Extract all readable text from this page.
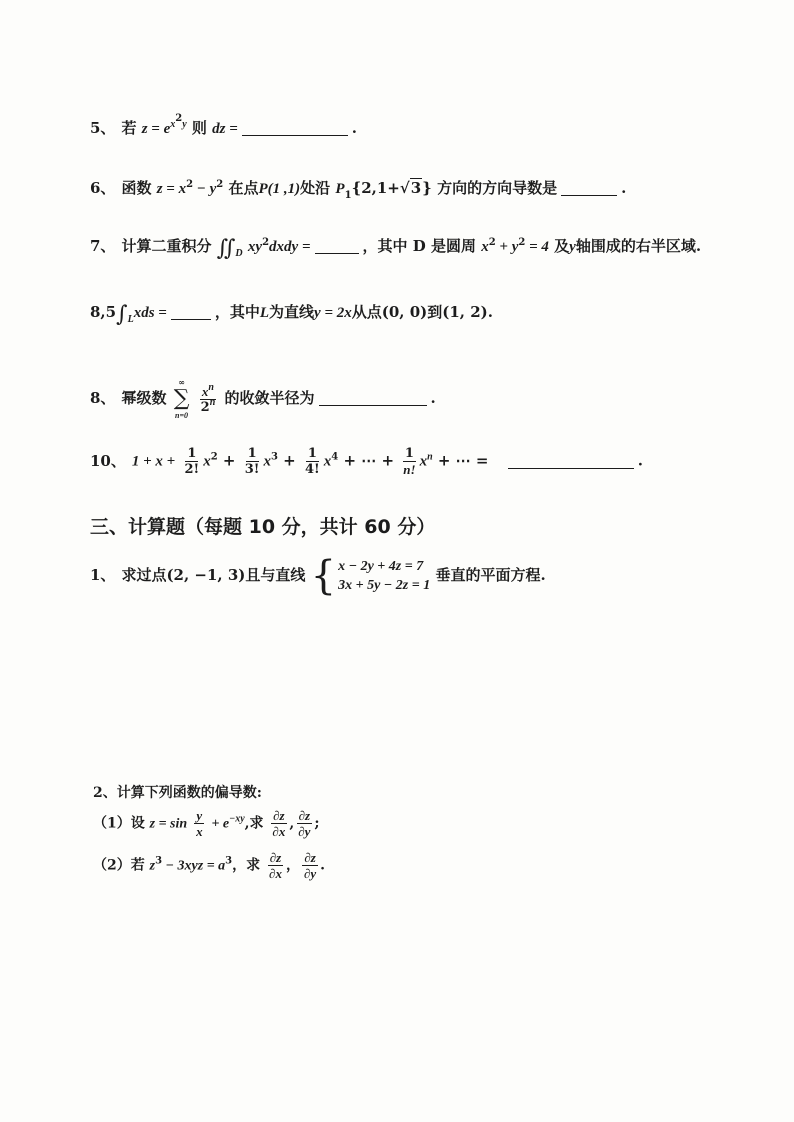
5、 若 $z = e^{x^2y}$ 则 dz =	.
6、 函数 $z = x^2 - y^2$ 在点P(1 ,1)处沿 $P_1\{2,1+√3\}$ 方向的方向导数是	.
7、 计算二重积分 $∬_D$ $xy^2dxdy$ =	，其中 D 是圆周 $x^2 + y^2 = 4$ 及y轴围成的右半区域.
$8,5\int_Lxds$ =	，其中L为直线y = 2x从点(0, 0)到(1, 2).
8、 幂级数
∞
∑
n=0

$\frac{x^n}{2^n}$ 的收敛半径为	.
10、 $1 + x + \frac{1}{2!} x^2 + \frac{1}{3!} x^3 + \frac{1}{4!} x^4$ + ⋯ + $\frac{1}{n!} x^n$ + ⋯ =	.
三、计算题（每题 10 分，共计 60 分）
1、 求过点(2, −1, 3)且与直线 { x − 2y + 4z = 7
3x + 5y − 2z = 1
垂直的平面方程.
2、计算下列函数的偏导数:
（1）设 $z = \sin \frac{y}{x} + e^{-xy}$,求 $\frac{\partial z}{\partial x}$ , $\frac{\partial z}{\partial y}$ ;
（2）若 $z^3 - 3xyz = a^3$，求 $\frac{\partial z}{\partial x}$ ， $\frac{\partial z}{\partial y}$ .
